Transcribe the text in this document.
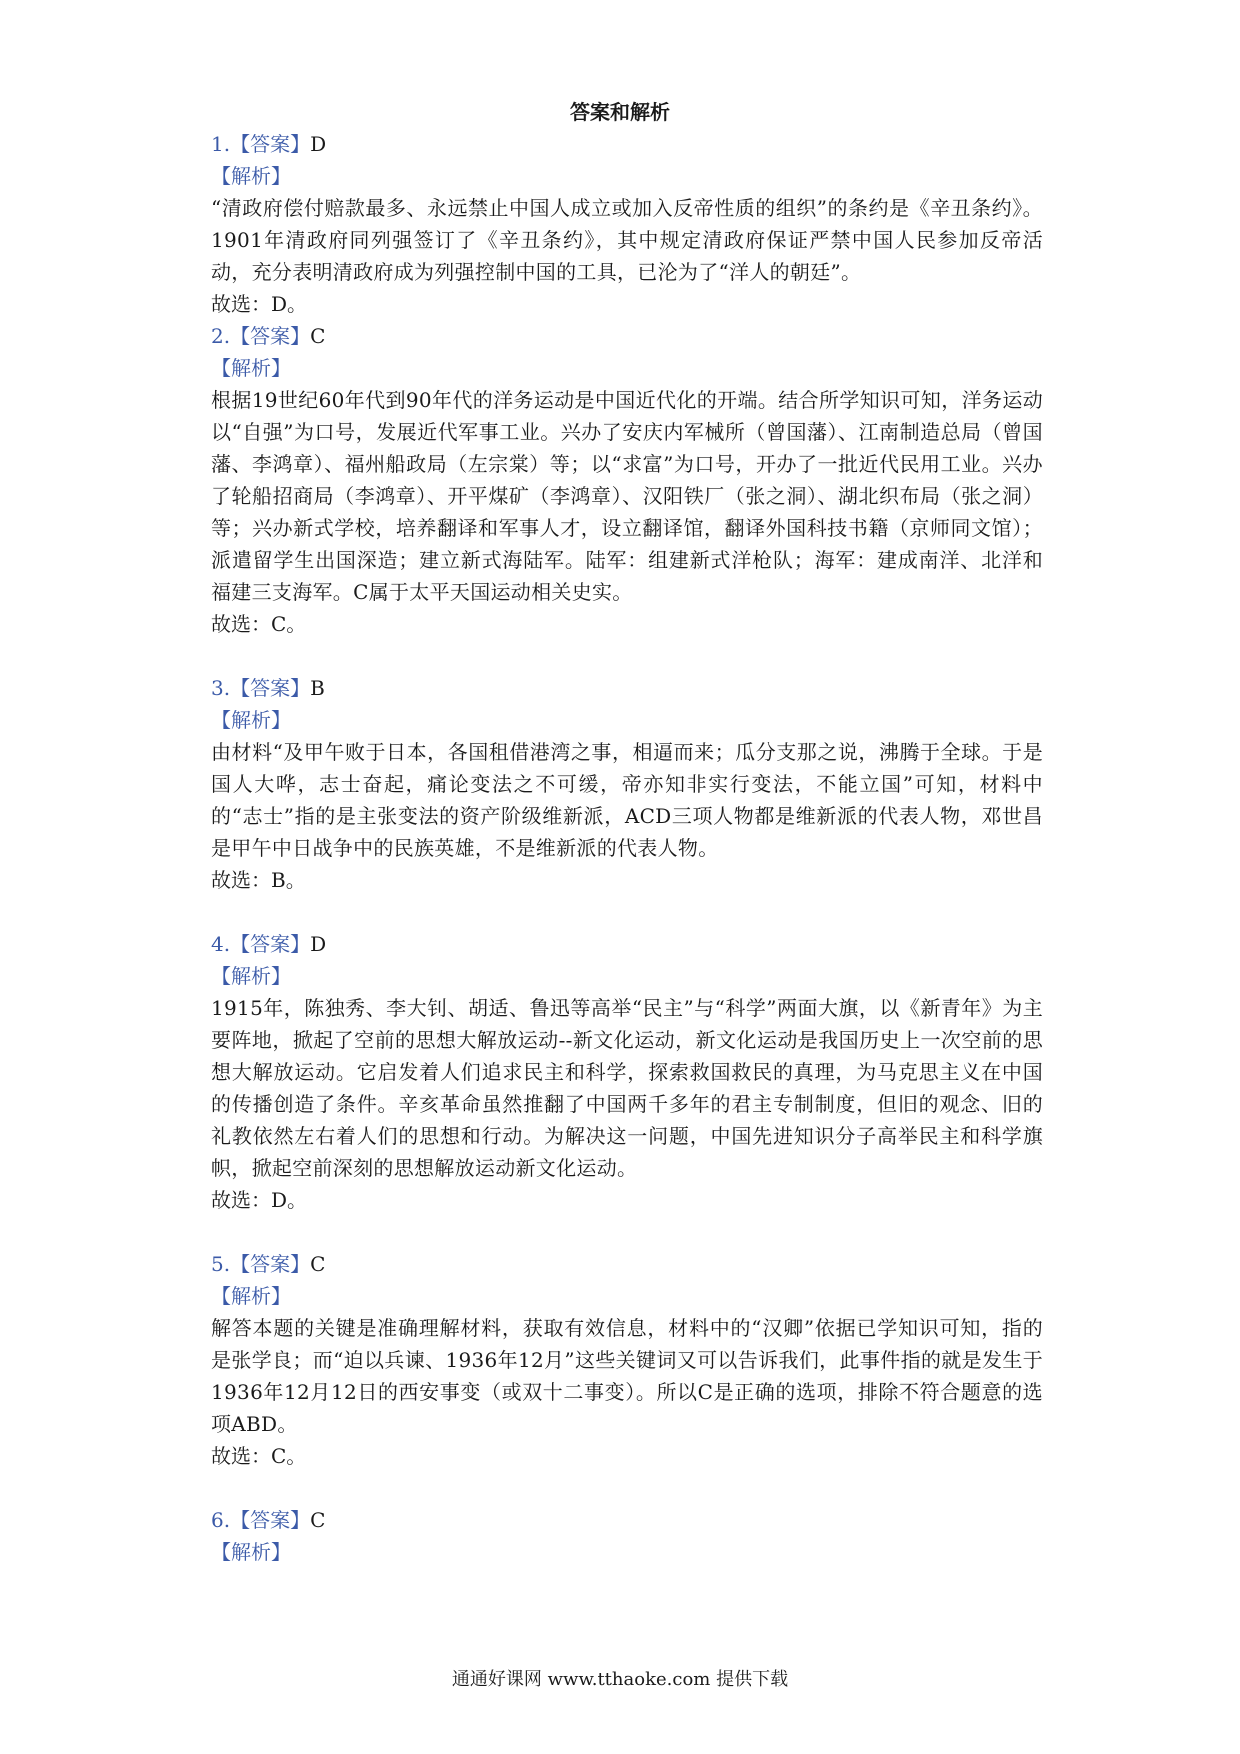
答案和解析
1.【答案】D
【解析】
“清政府偿付赔款最多、永远禁止中国人成立或加入反帝性质的组织”的条约是《辛丑条约》。1901年清政府同列强签订了《辛丑条约》，其中规定清政府保证严禁中国人民参加反帝活动，充分表明清政府成为列强控制中国的工具，已沦为了“洋人的朝廷”。
故选：D。
2.【答案】C
【解析】
根据19世纪60年代到90年代的洋务运动是中国近代化的开端。结合所学知识可知，洋务运动以“自强”为口号，发展近代军事工业。兴办了安庆内军械所（曾国藩）、江南制造总局（曾国藩、李鸿章）、福州船政局（左宗棠）等；以“求富”为口号，开办了一批近代民用工业。兴办了轮船招商局（李鸿章）、开平煤矿（李鸿章）、汉阳铁厂（张之洞）、湖北织布局（张之洞）等；兴办新式学校，培养翻译和军事人才，设立翻译馆，翻译外国科技书籍（京师同文馆）；派遣留学生出国深造；建立新式海陆军。陆军：组建新式洋枪队；海军：建成南洋、北洋和福建三支海军。C属于太平天国运动相关史实。
故选：C。
3.【答案】B
【解析】
由材料“及甲午败于日本，各国租借港湾之事，相逼而来；瓜分支那之说，沸腾于全球。于是国人大哗，志士奋起，痛论变法之不可缓，帝亦知非实行变法，不能立国”可知，材料中的“志士”指的是主张变法的资产阶级维新派，ACD三项人物都是维新派的代表人物，邓世昌是甲午中日战争中的民族英雄，不是维新派的代表人物。
故选：B。
4.【答案】D
【解析】
1915年，陈独秀、李大钊、胡适、鲁迅等高举“民主”与“科学”两面大旗，以《新青年》为主要阵地，掀起了空前的思想大解放运动--新文化运动，新文化运动是我国历史上一次空前的思想大解放运动。它启发着人们追求民主和科学，探索救国救民的真理，为马克思主义在中国的传播创造了条件。辛亥革命虽然推翻了中国两千多年的君主专制制度，但旧的观念、旧的礼教依然左右着人们的思想和行动。为解决这一问题，中国先进知识分子高举民主和科学旗帜，掀起空前深刻的思想解放运动新文化运动。
故选：D。
5.【答案】C
【解析】
解答本题的关键是准确理解材料，获取有效信息，材料中的“汉卿”依据已学知识可知，指的是张学良；而“迫以兵谏、1936年12月”这些关键词又可以告诉我们，此事件指的就是发生于1936年12月12日的西安事变（或双十二事变）。所以C是正确的选项，排除不符合题意的选项ABD。
故选：C。
6.【答案】C
【解析】
通通好课网 www.tthaoke.com 提供下载
